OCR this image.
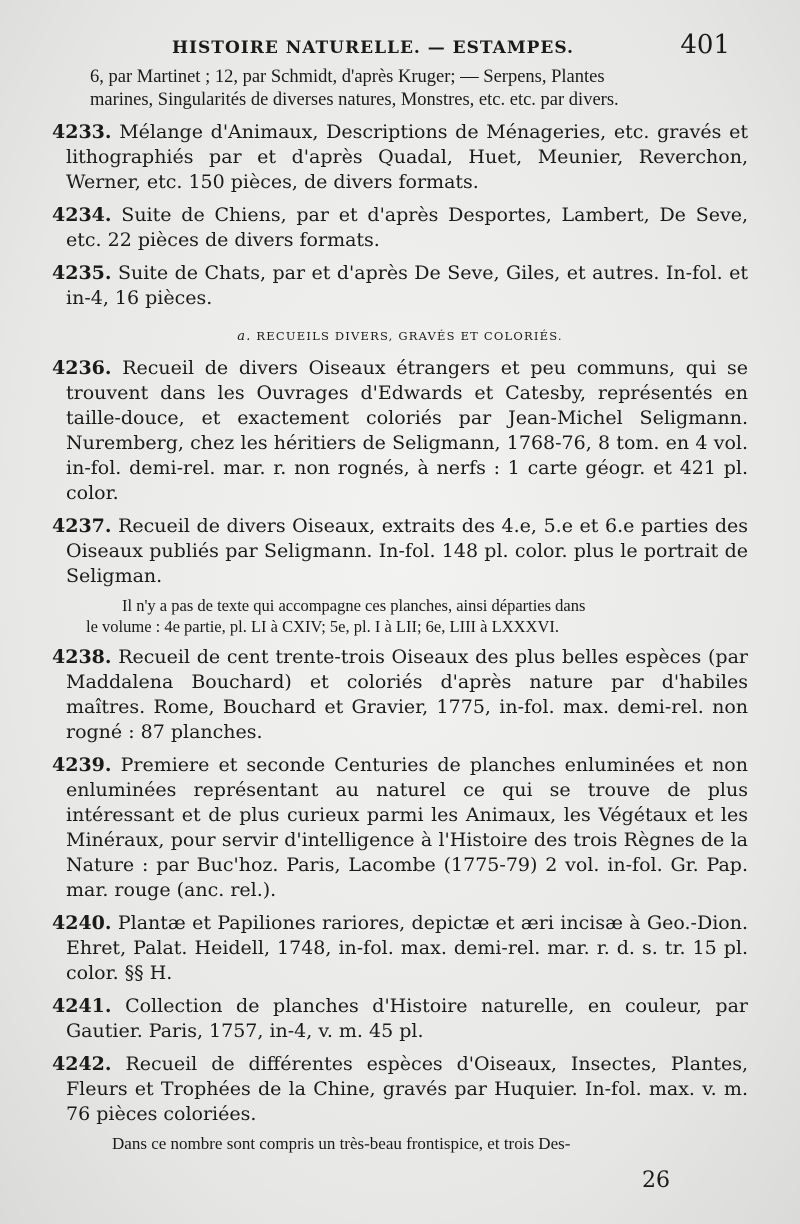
HISTOIRE NATURELLE. — ESTAMPES.	401
6, par Martinet ; 12, par Schmidt, d'après Kruger; — Serpens, Plantes
marines, Singularités de diverses natures, Monstres, etc. etc. par divers.

4233. Mélange d'Animaux, Descriptions de Ménageries, etc. gravés et lithographiés par et d'après Quadal, Huet, Meunier, Reverchon, Werner, etc. 150 pièces, de divers formats.

4234. Suite de Chiens, par et d'après Desportes, Lambert, De Seve, etc. 22 pièces de divers formats.

4235. Suite de Chats, par et d'après De Seve, Giles, et autres. In-fol. et in-4, 16 pièces.

a. RECUEILS DIVERS, GRAVÉS ET COLORIÉS.

4236. Recueil de divers Oiseaux étrangers et peu communs, qui se trouvent dans les Ouvrages d'Edwards et Catesby, représentés en taille-douce, et exactement coloriés par Jean-Michel Seligmann. Nuremberg, chez les héritiers de Seligmann, 1768-76, 8 tom. en 4 vol. in-fol. demi-rel. mar. r. non rognés, à nerfs : 1 carte géogr. et 421 pl. color.

4237. Recueil de divers Oiseaux, extraits des 4.e, 5.e et 6.e parties des Oiseaux publiés par Seligmann. In-fol. 148 pl. color. plus le portrait de Seligman.

Il n'y a pas de texte qui accompagne ces planches, ainsi départies dans
le volume : 4e partie, pl. LI à CXIV; 5e, pl. I à LII; 6e, LIII à LXXXVI.

4238. Recueil de cent trente-trois Oiseaux des plus belles espèces (par Maddalena Bouchard) et coloriés d'après nature par d'habiles maîtres. Rome, Bouchard et Gravier, 1775, in-fol. max. demi-rel. non rogné : 87 planches.

4239. Premiere et seconde Centuries de planches enluminées et non enluminées représentant au naturel ce qui se trouve de plus intéressant et de plus curieux parmi les Animaux, les Végétaux et les Minéraux, pour servir d'intelligence à l'Histoire des trois Règnes de la Nature : par Buc'hoz. Paris, Lacombe (1775-79) 2 vol. in-fol. Gr. Pap. mar. rouge (anc. rel.).

4240. Plantæ et Papiliones rariores, depictæ et æri incisæ à Geo.-Dion. Ehret, Palat. Heidell, 1748, in-fol. max. demi-rel. mar. r. d. s. tr. 15 pl. color. §§ H.

4241. Collection de planches d'Histoire naturelle, en couleur, par Gautier. Paris, 1757, in-4, v. m. 45 pl.

4242. Recueil de différentes espèces d'Oiseaux, Insectes, Plantes, Fleurs et Trophées de la Chine, gravés par Huquier. In-fol. max. v. m. 76 pièces coloriées.

Dans ce nombre sont compris un très-beau frontispice, et trois Des-
26
